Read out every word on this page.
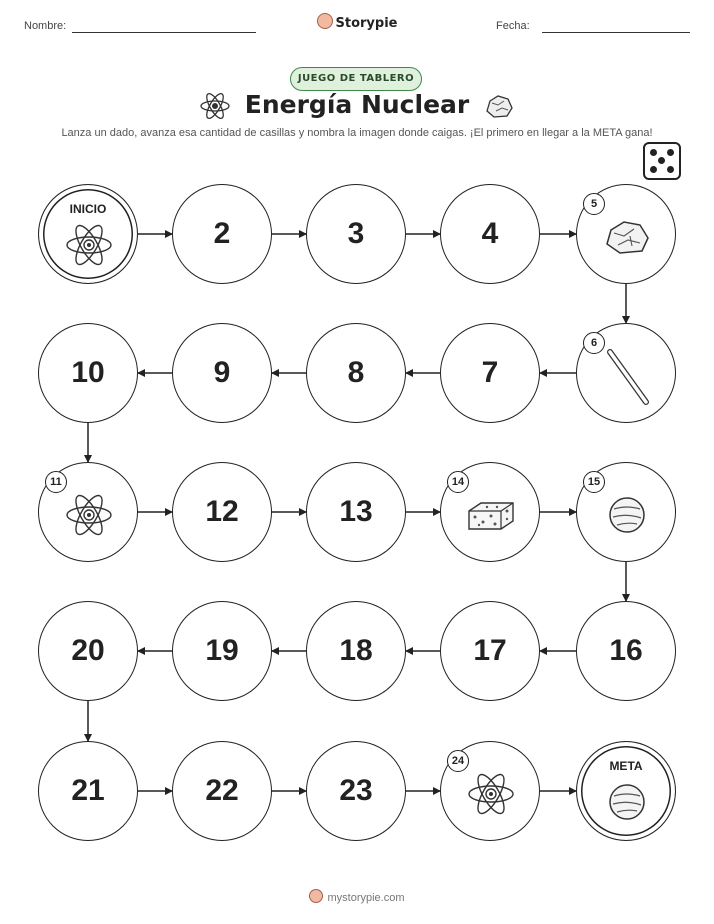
Nombre:	Storypie	Fecha:
JUEGO DE TABLERO
Energía Nuclear
Lanza un dado, avanza esa cantidad de casillas y nombra la imagen donde caigas. ¡El primero en llegar a la META gana!
INICIO
2	3	4
5
6
7
8
9
10
11
12	13
14	15
16
17
18
19
20
21	22	23
24	META
mystorypie.com
